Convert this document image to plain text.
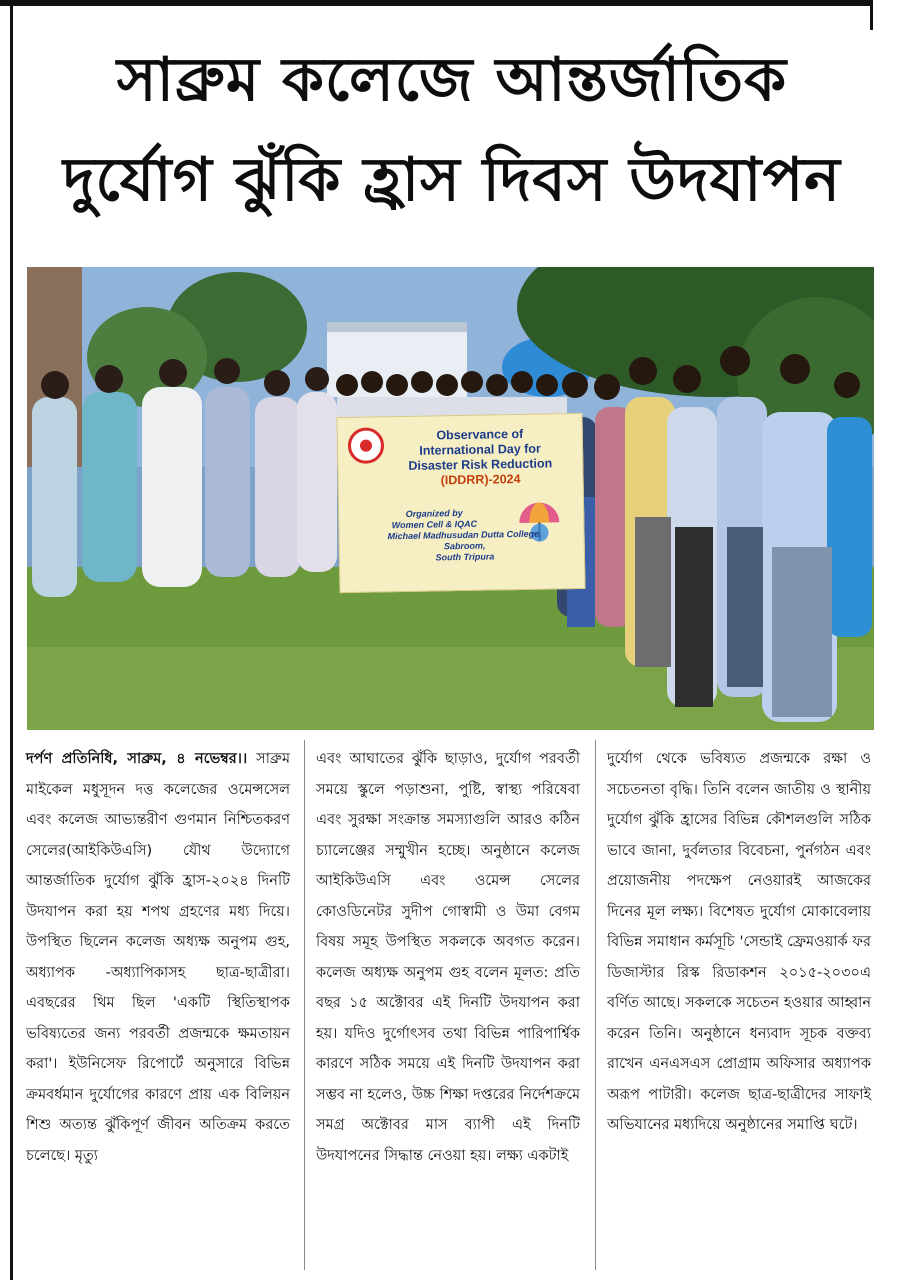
সাব্রুম কলেজে আন্তর্জাতিক
দুর্যোগ ঝুঁকি হ্রাস দিবস উদযাপন
Observance of
International Day for
Disaster Risk Reduction
(IDDRR)-2024
Organized by
Women Cell & IQAC
Michael Madhusudan Dutta College,
Sabroom,
South Tripura

দর্পণ প্রতিনিধি, সাব্রুম, ৪ নভেম্বর।। সাব্রুম মাইকেল মধুসূদন দত্ত কলেজের ওমেন্সসেল এবং কলেজ আভ্যন্তরীণ গুণমান নিশ্চিতকরণ সেলের(আইকিউএসি) যৌথ উদ্যোগে আন্তর্জাতিক দুর্যোগ ঝুঁকি হ্রাস-২০২৪ দিনটি উদযাপন করা হয় শপথ গ্রহণের মধ্য দিয়ে। উপস্থিত ছিলেন কলেজ অধ্যক্ষ অনুপম গুহ, অধ্যাপক -অধ্যাপিকাসহ ছাত্র-ছাত্রীরা। এবছরের থিম ছিল 'একটি স্থিতিস্থাপক ভবিষ্যতের জন্য পরবর্তী প্রজন্মকে ক্ষমতায়ন করা'। ইউনিসেফ রিপোর্টে অনুসারে বিভিন্ন ক্রমবর্ধমান দুর্যোগের কারণে প্রায় এক বিলিয়ন শিশু অত্যন্ত ঝুঁকিপূর্ণ জীবন অতিক্রম করতে চলেছে। মৃত্যু

এবং আঘাতের ঝুঁকি ছাড়াও, দুর্যোগ পরবর্তী সময়ে স্কুলে পড়াশুনা, পুষ্টি, স্বাস্থ্য পরিষেবা এবং সুরক্ষা সংক্রান্ত সমস্যাগুলি আরও কঠিন চ্যালেঞ্জের সম্মুখীন হচ্ছে। অনুষ্ঠানে কলেজ আইকিউএসি এবং ওমেন্স সেলের কোওডিনেটর সুদীপ গোস্বামী ও উমা বেগম বিষয় সমূহ উপস্থিত সকলকে অবগত করেন। কলেজ অধ্যক্ষ অনুপম গুহ বলেন মূলত: প্রতি বছর ১৫ অক্টোবর এই দিনটি উদযাপন করা হয়। যদিও দুর্গোৎসব তথা বিভিন্ন পারিপার্শ্বিক কারণে সঠিক সময়ে এই দিনটি উদযাপন করা সম্ভব না হলেও, উচ্চ শিক্ষা দপ্তরের নির্দেশক্রমে সমগ্র অক্টোবর মাস ব্যাপী এই দিনটি উদযাপনের সিদ্ধান্ত নেওয়া হয়। লক্ষ্য একটাই

দুর্যোগ থেকে ভবিষ্যত প্রজন্মকে রক্ষা ও সচেতনতা বৃদ্ধি। তিনি বলেন জাতীয় ও স্থানীয় দুর্যোগ ঝুঁকি হ্রাসের বিভিন্ন কৌশলগুলি সঠিক ভাবে জানা, দুর্বলতার বিবেচনা, পুর্নগঠন এবং প্রয়োজনীয় পদক্ষেপ নেওয়ারই আজকের দিনের মূল লক্ষ্য। বিশেষত দুর্যোগ মোকাবেলায় বিভিন্ন সমাধান কর্মসূচি 'সেন্ডাই ফ্রেমওয়ার্ক ফর ডিজাস্টার রিস্ক রিডাকশন ২০১৫-২০৩০এ বর্ণিত আছে। সকলকে সচেতন হওয়ার আহ্বান করেন তিনি। অনুষ্ঠানে ধন্যবাদ সূচক বক্তব্য রাখেন এনএসএস প্রোগ্রাম অফিসার অধ্যাপক অরূপ পাটারী। কলেজ ছাত্র-ছাত্রীদের সাফাই অভিযানের মধ্যদিয়ে অনুষ্ঠানের সমাপ্তি ঘটে।
